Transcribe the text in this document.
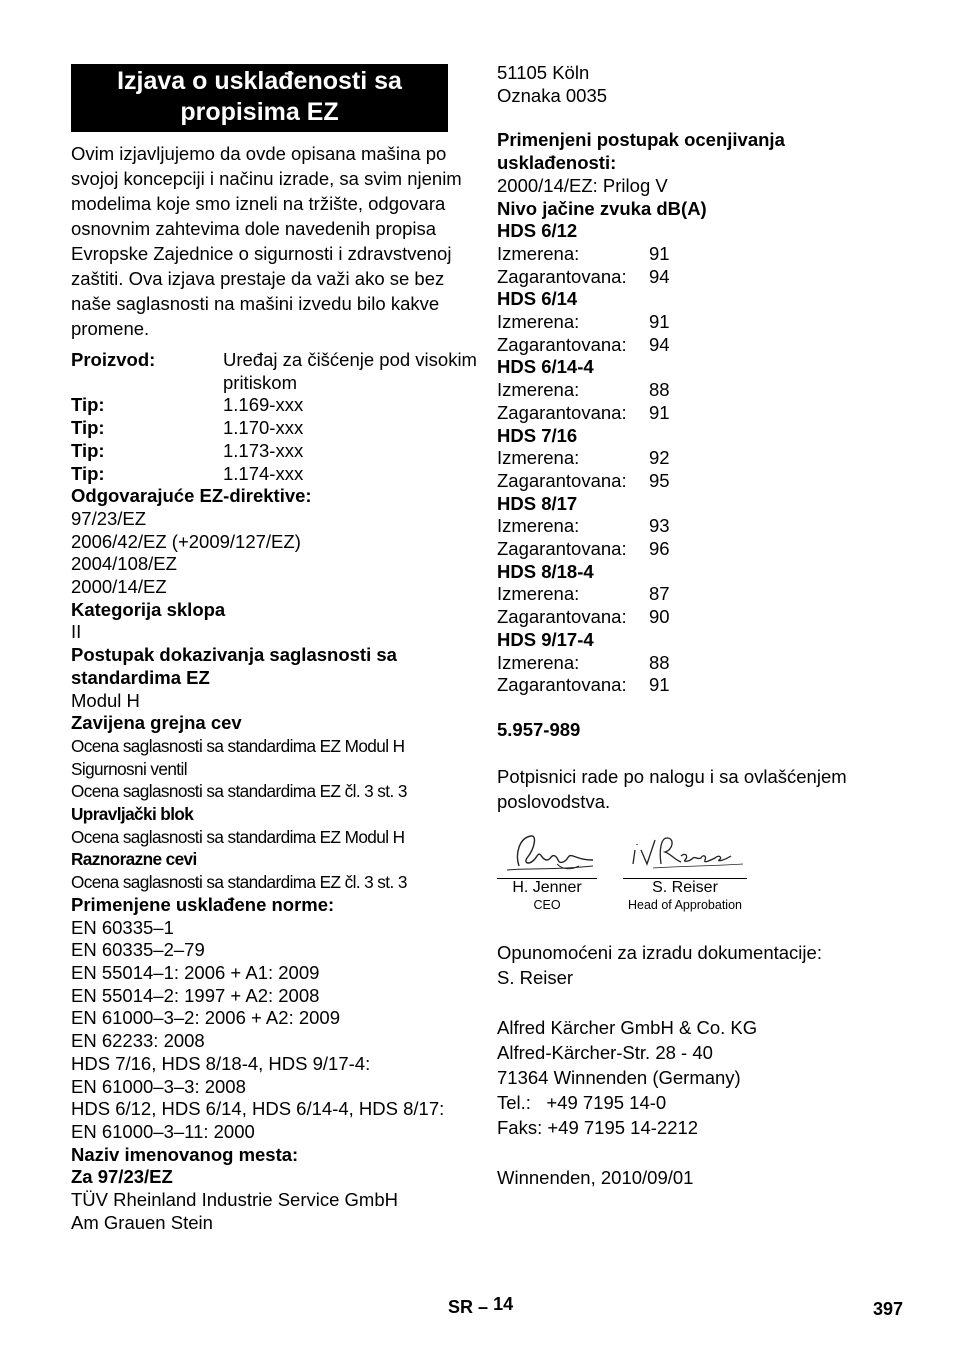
Izjava o usklađenosti sa propisima EZ
Ovim izjavljujemo da ovde opisana mašina po svojoj koncepciji i načinu izrade, sa svim njenim modelima koje smo izneli na tržište, odgovara osnovnim zahtevima dole navedenih propisa Evropske Zajednice o sigurnosti i zdravstvenoj zaštiti. Ova izjava prestaje da važi ako se bez naše saglasnosti na mašini izvedu bilo kakve promene.
Proizvod:	Uređaj za čišćenje pod visokim pritiskom
Tip:	1.169-xxx
Tip:	1.170-xxx
Tip:	1.173-xxx
Tip:	1.174-xxx
Odgovarajuće EZ-direktive:
97/23/EZ
2006/42/EZ (+2009/127/EZ)
2004/108/EZ
2000/14/EZ
Kategorija sklopa
II
Postupak dokazivanja saglasnosti sa standardima EZ
Modul H
Zavijena grejna cev
Ocena saglasnosti sa standardima EZ Modul H
Sigurnosni ventil
Ocena saglasnosti sa standardima EZ čl. 3 st. 3
Upravljački blok
Ocena saglasnosti sa standardima EZ Modul H
Raznorazne cevi
Ocena saglasnosti sa standardima EZ čl. 3 st. 3
Primenjene usklađene norme:
EN 60335–1
EN 60335–2–79
EN 55014–1: 2006 + A1: 2009
EN 55014–2: 1997 + A2: 2008
EN 61000–3–2: 2006 + A2: 2009
EN 62233: 2008
HDS 7/16, HDS 8/18-4, HDS 9/17-4:
EN 61000–3–3: 2008
HDS 6/12, HDS 6/14, HDS 6/14-4, HDS 8/17:
EN 61000–3–11: 2000
Naziv imenovanog mesta:
Za 97/23/EZ
TÜV Rheinland Industrie Service GmbH
Am Grauen Stein
51105 Köln
Oznaka 0035
Primenjeni postupak ocenjivanja usklađenosti:
2000/14/EZ: Prilog V
Nivo jačine zvuka dB(A)
HDS 6/12
Izmerena:	91
Zagarantovana:	94
HDS 6/14
Izmerena:	91
Zagarantovana:	94
HDS 6/14-4
Izmerena:	88
Zagarantovana:	91
HDS 7/16
Izmerena:	92
Zagarantovana:	95
HDS 8/17
Izmerena:	93
Zagarantovana:	96
HDS 8/18-4
Izmerena:	87
Zagarantovana:	90
HDS 9/17-4
Izmerena:	88
Zagarantovana:	91
5.957-989
Potpisnici rade po nalogu i sa ovlašćenjem poslovodstva.
H. Jenner
CEO
S. Reiser
Head of Approbation
Opunomoćeni za izradu dokumentacije:
S. Reiser
Alfred Kärcher GmbH & Co. KG
Alfred-Kärcher-Str. 28 - 40
71364 Winnenden (Germany)
Tel.:   +49 7195 14-0
Faks: +49 7195 14-2212
Winnenden, 2010/09/01
SR – 14	397
